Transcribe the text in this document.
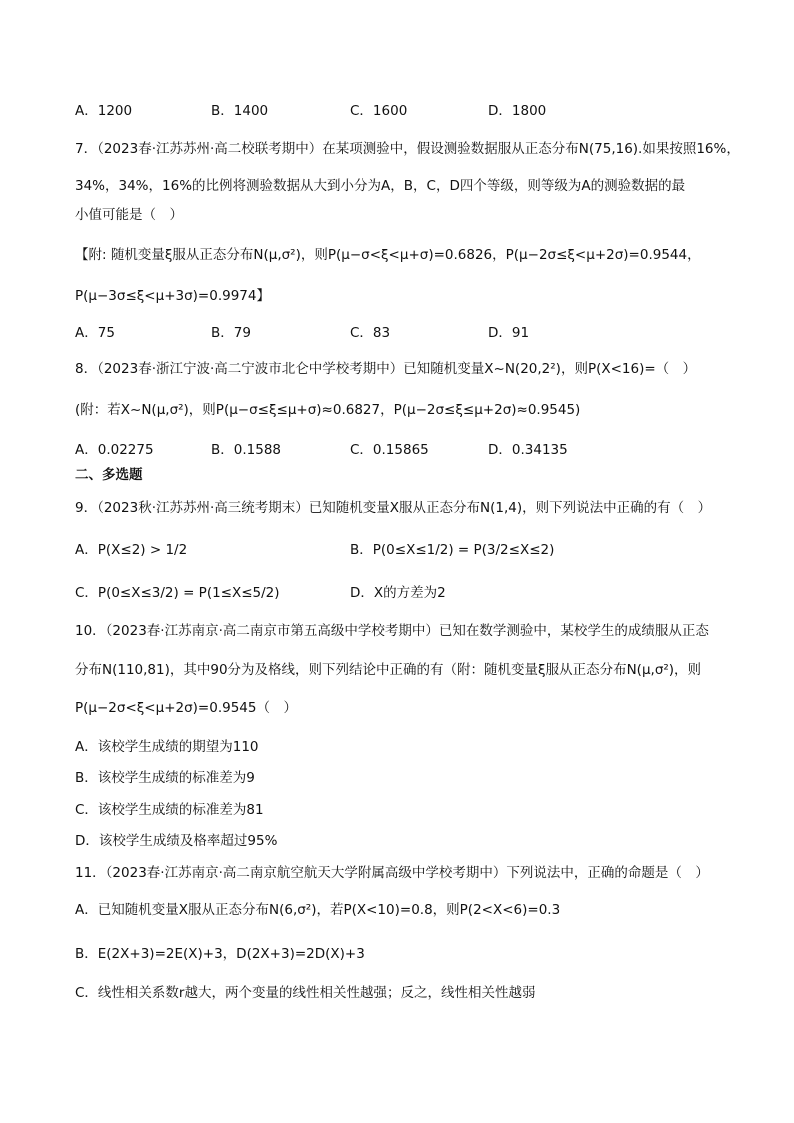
A．1200	B．1400	C．1600	D．1800
7．（2023春·江苏苏州·高二校联考期中）在某项测验中，假设测验数据服从正态分布N(75,16).如果按照16%，
34%，34%，16%的比例将测验数据从大到小分为A，B，C，D四个等级，则等级为A的测验数据的最
小值可能是（　）
【附: 随机变量ξ服从正态分布N(μ,σ²)，则P(μ−σ<ξ<μ+σ)=0.6826，P(μ−2σ≤ξ<μ+2σ)=0.9544，
P(μ−3σ≤ξ<μ+3σ)=0.9974】
A．75	B．79	C．83	D．91
8．（2023春·浙江宁波·高二宁波市北仑中学校考期中）已知随机变量X~N(20,2²)，则P(X<16)=（　）
(附：若X~N(μ,σ²)，则P(μ−σ≤ξ≤μ+σ)≈0.6827，P(μ−2σ≤ξ≤μ+2σ)≈0.9545)
A．0.02275	B．0.1588	C．0.15865	D．0.34135
二、多选题
9．（2023秋·江苏苏州·高三统考期末）已知随机变量X服从正态分布N(1,4)，则下列说法中正确的有（　）
A．P(X≤2) > 1/2	B．P(0≤X≤1/2) = P(3/2≤X≤2)
C．P(0≤X≤3/2) = P(1≤X≤5/2)	D．X的方差为2
10．（2023春·江苏南京·高二南京市第五高级中学校考期中）已知在数学测验中，某校学生的成绩服从正态
分布N(110,81)，其中90分为及格线，则下列结论中正确的有（附：随机变量ξ服从正态分布N(μ,σ²)，则
P(μ−2σ<ξ<μ+2σ)=0.9545（　）
A．该校学生成绩的期望为110
B．该校学生成绩的标准差为9
C．该校学生成绩的标准差为81
D．该校学生成绩及格率超过95%
11．（2023春·江苏南京·高二南京航空航天大学附属高级中学校考期中）下列说法中，正确的命题是（　）
A．已知随机变量X服从正态分布N(6,σ²)，若P(X<10)=0.8，则P(2<X<6)=0.3
B．E(2X+3)=2E(X)+3，D(2X+3)=2D(X)+3
C．线性相关系数r越大，两个变量的线性相关性越强；反之，线性相关性越弱
